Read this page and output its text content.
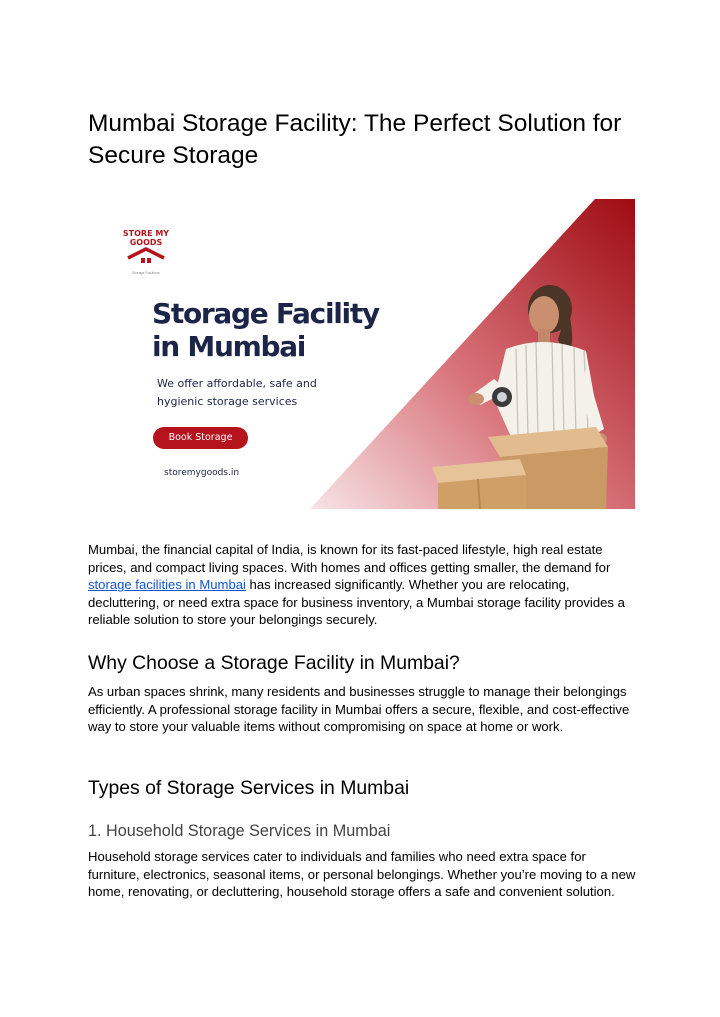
Mumbai Storage Facility: The Perfect Solution for Secure Storage
STORE MY
GOODS
Storage Solutions
Storage Facility
in Mumbai

We offer affordable, safe and
hygienic storage services

Book Storage
storemygoods.in

Mumbai, the financial capital of India, is known for its fast-paced lifestyle, high real estate prices, and compact living spaces. With homes and offices getting smaller, the demand for storage facilities in Mumbai has increased significantly. Whether you are relocating, decluttering, or need extra space for business inventory, a Mumbai storage facility provides a reliable solution to store your belongings securely.

Why Choose a Storage Facility in Mumbai?

As urban spaces shrink, many residents and businesses struggle to manage their belongings efficiently. A professional storage facility in Mumbai offers a secure, flexible, and cost-effective way to store your valuable items without compromising on space at home or work.

Types of Storage Services in Mumbai
1. Household Storage Services in Mumbai

Household storage services cater to individuals and families who need extra space for furniture, electronics, seasonal items, or personal belongings. Whether you’re moving to a new home, renovating, or decluttering, household storage offers a safe and convenient solution.
